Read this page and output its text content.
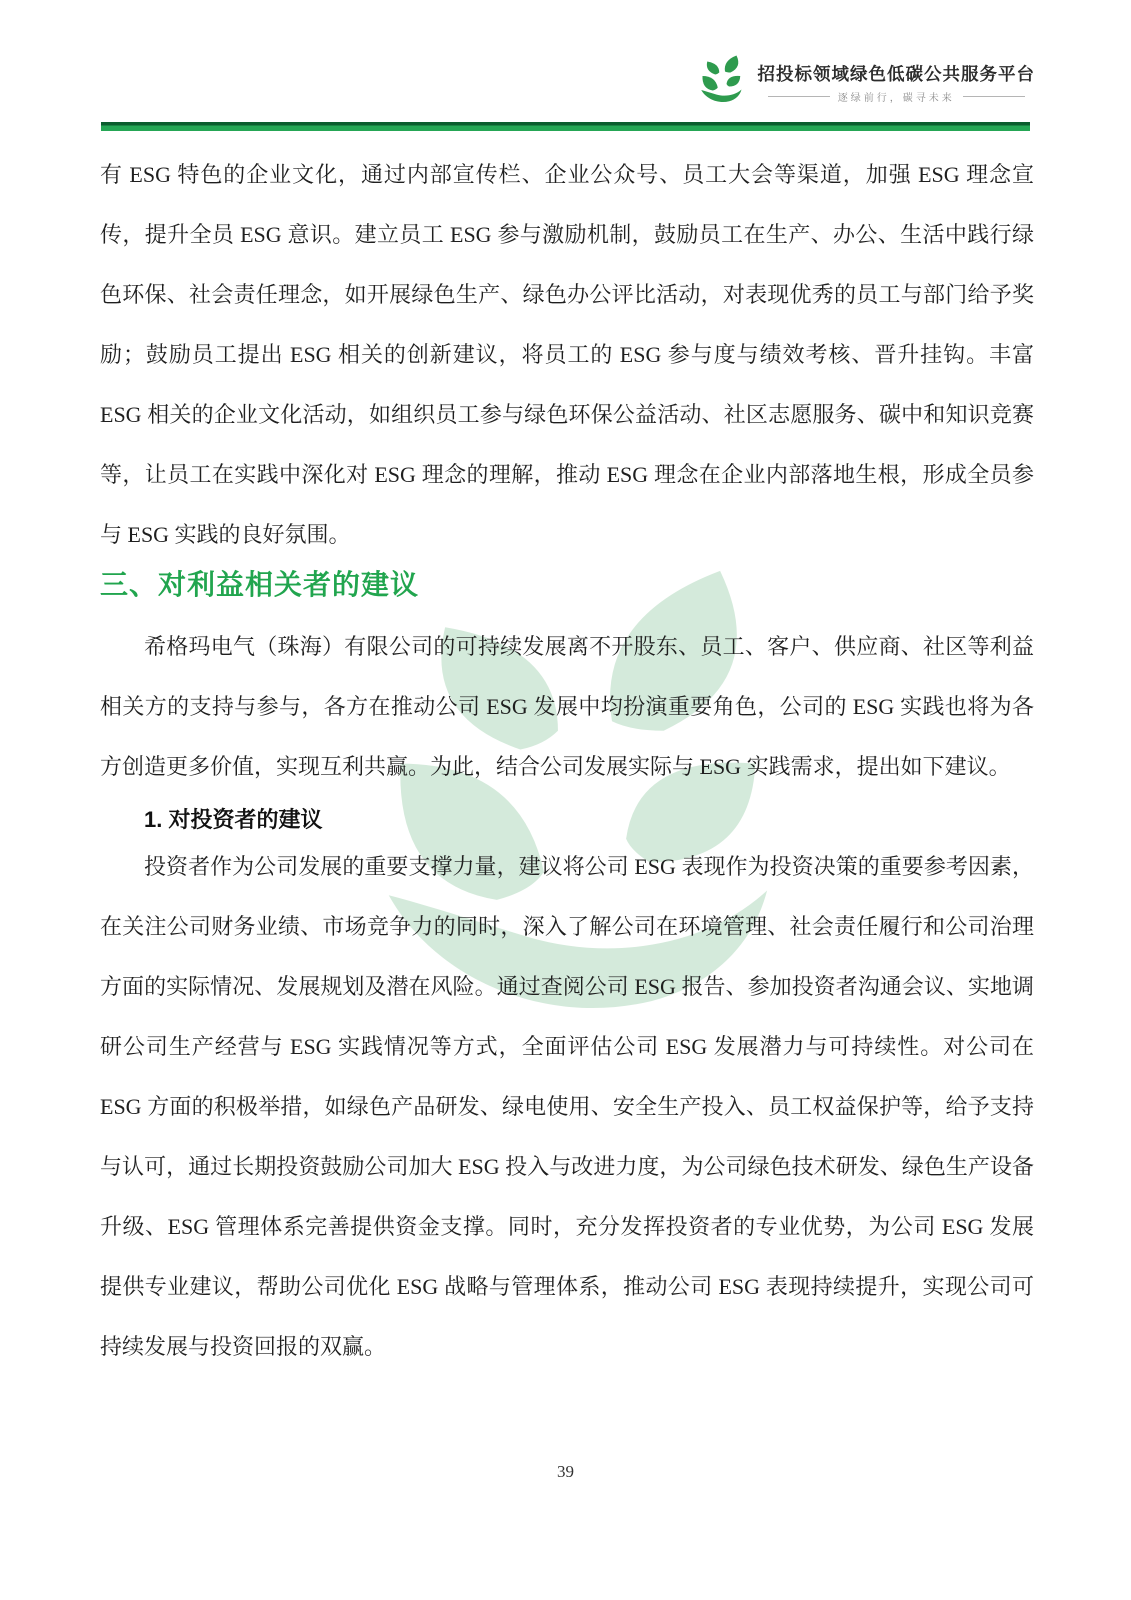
招投标领域绿色低碳公共服务平台
逐绿前行，碳寻未来

有 ESG 特色的企业文化，通过内部宣传栏、企业公众号、员工大会等渠道，加强 ESG 理念宣传，提升全员 ESG 意识。建立员工 ESG 参与激励机制，鼓励员工在生产、办公、生活中践行绿色环保、社会责任理念，如开展绿色生产、绿色办公评比活动，对表现优秀的员工与部门给予奖励；鼓励员工提出 ESG 相关的创新建议，将员工的 ESG 参与度与绩效考核、晋升挂钩。丰富 ESG 相关的企业文化活动，如组织员工参与绿色环保公益活动、社区志愿服务、碳中和知识竞赛等，让员工在实践中深化对 ESG 理念的理解，推动 ESG 理念在企业内部落地生根，形成全员参与 ESG 实践的良好氛围。

三、对利益相关者的建议

希格玛电气（珠海）有限公司的可持续发展离不开股东、员工、客户、供应商、社区等利益相关方的支持与参与，各方在推动公司 ESG 发展中均扮演重要角色，公司的 ESG 实践也将为各方创造更多价值，实现互利共赢。为此，结合公司发展实际与 ESG 实践需求，提出如下建议。

1. 对投资者的建议

投资者作为公司发展的重要支撑力量，建议将公司 ESG 表现作为投资决策的重要参考因素，在关注公司财务业绩、市场竞争力的同时，深入了解公司在环境管理、社会责任履行和公司治理方面的实际情况、发展规划及潜在风险。通过查阅公司 ESG 报告、参加投资者沟通会议、实地调研公司生产经营与 ESG 实践情况等方式，全面评估公司 ESG 发展潜力与可持续性。对公司在 ESG 方面的积极举措，如绿色产品研发、绿电使用、安全生产投入、员工权益保护等，给予支持与认可，通过长期投资鼓励公司加大 ESG 投入与改进力度，为公司绿色技术研发、绿色生产设备升级、ESG 管理体系完善提供资金支撑。同时，充分发挥投资者的专业优势，为公司 ESG 发展提供专业建议，帮助公司优化 ESG 战略与管理体系，推动公司 ESG 表现持续提升，实现公司可持续发展与投资回报的双赢。

39
